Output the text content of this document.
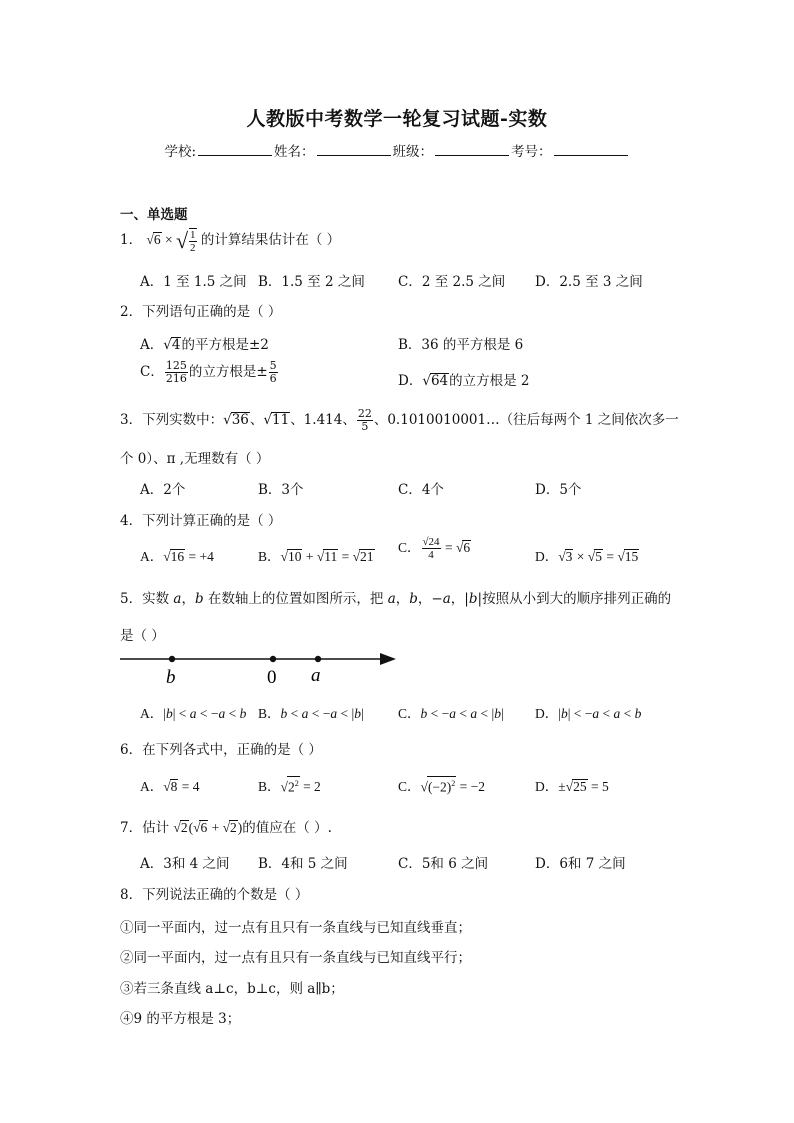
人教版中考数学一轮复习试题-实数
学校:	姓名：	班级：	考号：
一、单选题
1． √6 × √ $\frac{1}{2}$ 的计算结果估计在（ ）
A．1 至 1.5 之间 B．1.5 至 2 之间 C．2 至 2.5 之间 D．2.5 至 3 之间
2．下列语句正确的是（ ）
A．√4的平方根是±2	B．36 的平方根是 6
C． $\frac{125}{216}$ 的立方根是± $\frac{5}{6}$	D．√64的立方根是 2
3．下列实数中：√36、√11、1.414、 $\frac{22}{5}$ 、0.1010010001…（往后每两个 1 之间依次多一
个 0）、π ,无理数有（ ）
A．2个	B．3个	C．4个	D．5个
4．下列计算正确的是（ ）
A．√16 = +4	B．√10 + √11 = √21
C． $\frac{√24}{4} = √6$
D．√3 × √5 = √15
5．实数 a，b 在数轴上的位置如图所示，把 a，b，−a，|b|按照从小到大的顺序排列正确的
是（ ）
b	0 a
A．|b| < a < −a < b B．b < a < −a < |b|	C．b < −a < a < |b| D．|b| < −a < a < b
6．在下列各式中，正确的是（ ）
A．√8 = 4	B．$√2^2 = 2$	C．$√(-2)^2 = -2$	D．±√25 = 5
7．估计 √2(√6 + √2)的值应在（ ）.
A．3和 4 之间 B．4和 5 之间	C．5和 6 之间	D．6和 7 之间
8．下列说法正确的个数是（ ）
①同一平面内，过一点有且只有一条直线与已知直线垂直；
②同一平面内，过一点有且只有一条直线与已知直线平行；
③若三条直线 a⊥c，b⊥c，则 a∥b；
④9 的平方根是 3；
